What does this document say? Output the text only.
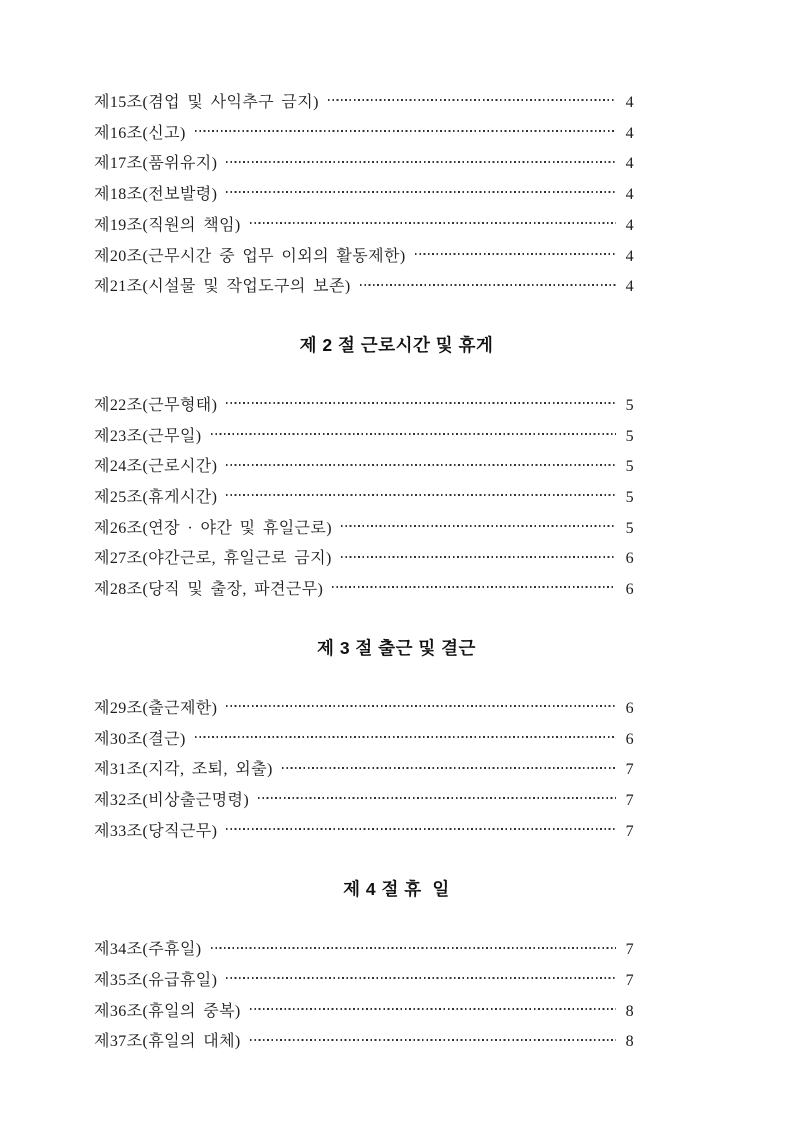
제15조(겸업 및 사익추구 금지)	4
제16조(신고)	4
제17조(품위유지)	4
제18조(전보발령)	4
제19조(직원의 책임)	4
제20조(근무시간 중 업무 이외의 활동제한)	4
제21조(시설물 및 작업도구의 보존)	4
제 2 절 근로시간 및 휴게
제22조(근무형태)	5
제23조(근무일)	5
제24조(근로시간)	5
제25조(휴게시간)	5
제26조(연장 · 야간 및 휴일근로)	5
제27조(야간근로, 휴일근로 금지)	6
제28조(당직 및 출장, 파견근무)	6
제 3 절 출근 및 결근
제29조(출근제한)	6
제30조(결근)	6
제31조(지각, 조퇴, 외출)	7
제32조(비상출근명령)	7
제33조(당직근무)	7
제 4 절 휴  일
제34조(주휴일)	7
제35조(유급휴일)	7
제36조(휴일의 중복)	8
제37조(휴일의 대체)	8
